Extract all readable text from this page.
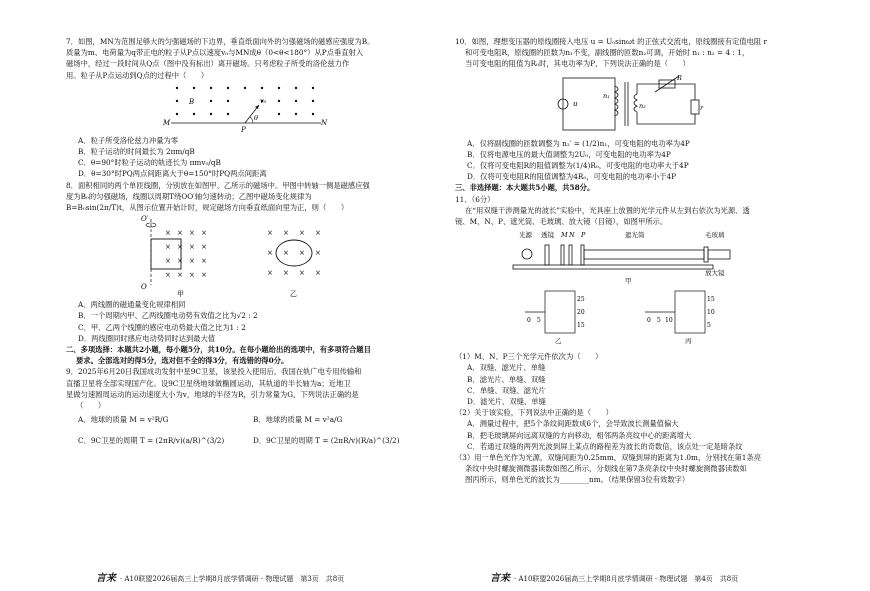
7．如图，MN为范围足够大的匀强磁场的下边界，垂直纸面向外的匀强磁场的磁感应强度为B。

质量为m、电荷量为q带正电的粒子从P点以速度v₀与MN成θ（0<θ<180°）从P点垂直射入

磁场中，经过一段时间从Q点（图中没有标出）离开磁场。只考虑粒子所受的洛伦兹力作

用。粒子从P点运动到Q点的过程中（　　）

B
M	N
v₀
θ
P

A．粒子所受洛伦兹力冲量为零

B．粒子运动的时间最长为 2πm/qB

C．θ=90°时粒子运动的轨迹长为 πmv₀/qB

D．θ=30°时PQ两点间距离大于θ=150°时PQ两点间距离

8．面积相同的两个单匝线圈，分别放在如图甲、乙所示的磁场中。甲图中转轴一侧是磁感应强

度为B₀的匀强磁场，线圈以周期T绕OO′轴匀速转动；乙图中磁场变化规律为

B=B₀sin(2π/T)t，从图示位置开始计时，规定磁场方向垂直纸面向里为正，则（　　）

× × × ×
× × × ×
× × × ×
× × × ×
O′
O
甲
× × × ×
× × × ×
× × × ×
乙

A．两线圈的磁通量变化规律相同

B．一个周期内甲、乙两线圈电动势有效值之比为√2 : 2

C．甲、乙两个线圈的感应电动势最大值之比为1 : 2

D．两线圈同时感应电动势同时达到最大值

二、多项选择：本题共2小题，每小题5分，共10分。在每小题给出的选项中，有多项符合题目

要求。全部选对的得5分，选对但不全的得3分，有选错的得0分。

9．2025年6月20日我国成功发射中星9C卫星，该星投入使用后，我国在轨广电专用传输和

直播卫星将全部实现国产化。设9C卫星绕地球做椭圆运动，其轨道的半长轴为a；近地卫

星做匀速圆周运动的运动速度大小为v，地球的半径为R，引力常量为G，下列说法正确的是

（　　）

A．地球的质量 M = v²R/G	B．地球的质量 M = v²a/G
C．9C卫星的周期 T = (2πR/v)(a/R)^(3/2)	D．9C卫星的周期 T = (2πR/v)(R/a)^(3/2)
言来 · A10联盟2026届高三上学期8月底学情调研 · 物理试题　第3页　共8页

10．如图，理想变压器的原线圈接入电压 u = U₀sinωt 的正弦式交流电，原线圈接有定值电阻 r

和可变电阻R，原线圈的匝数为n₁不变，副线圈的匝数n₂可调，开始时 n₁ : n₂ = 4 : 1，

当可变电阻的阻值为R₀时，其电功率为P，下列说法正确的是（　　）

u
n₁
n₂
R
r

A．仅将副线圈的匝数调整为 n₂′ = (1/2)n₁，可变电阻的电功率为4P

B．仅将电源电压的最大值调整为2U₀，可变电阻的电功率为4P

C．仅将可变电阻R的阻值调整为(1/4)R₀，可变电阻的电功率大于4P

D．仅将可变电阻R的阻值调整为4R₀，可变电阻的电功率小于4P

三、非选择题：本大题共5小题，共58分。

11．（6分）

在“用双缝干涉测量光的波长”实验中，光具座上放置的光学元件从左到右依次为光源、透

镜、M、N、P、遮光筒、毛玻璃、放大镜（目镜），如图甲所示。

光源 透镜 M N P	遮光筒	毛玻璃
放大镜
甲
25
20
15
0 5
乙
15
10
5
0 5 10
丙

（1）M、N、P三个光学元件依次为（　　）

A．双缝、滤光片、单缝

B．滤光片、单缝、双缝

C．单缝、双缝、滤光片

D．滤光片、双缝、单缝

（2）关于该实验，下列说法中正确的是（　　）

A．测量过程中，把5个条纹间距数成6个，会导致波长测量值偏大

B．把毛玻璃屏向远离双缝的方向移动，相邻两条亮纹中心的距离增大

C．若通过双缝的两列光波到屏上某点的路程差为波长的奇数倍，该点处一定是暗条纹

（3）用一单色光作为光源，双缝间距为0.25mm，双缝到屏的距离为1.0m，分别找在第1条亮

条纹中央时螺旋测微器读数如图乙所示，分划线在第7条亮条纹中央时螺旋测微器读数如

图丙所示，则单色光的波长为________nm。（结果保留3位有效数字）

言来 · A10联盟2026届高三上学期8月底学情调研 · 物理试题　第4页　共8页
